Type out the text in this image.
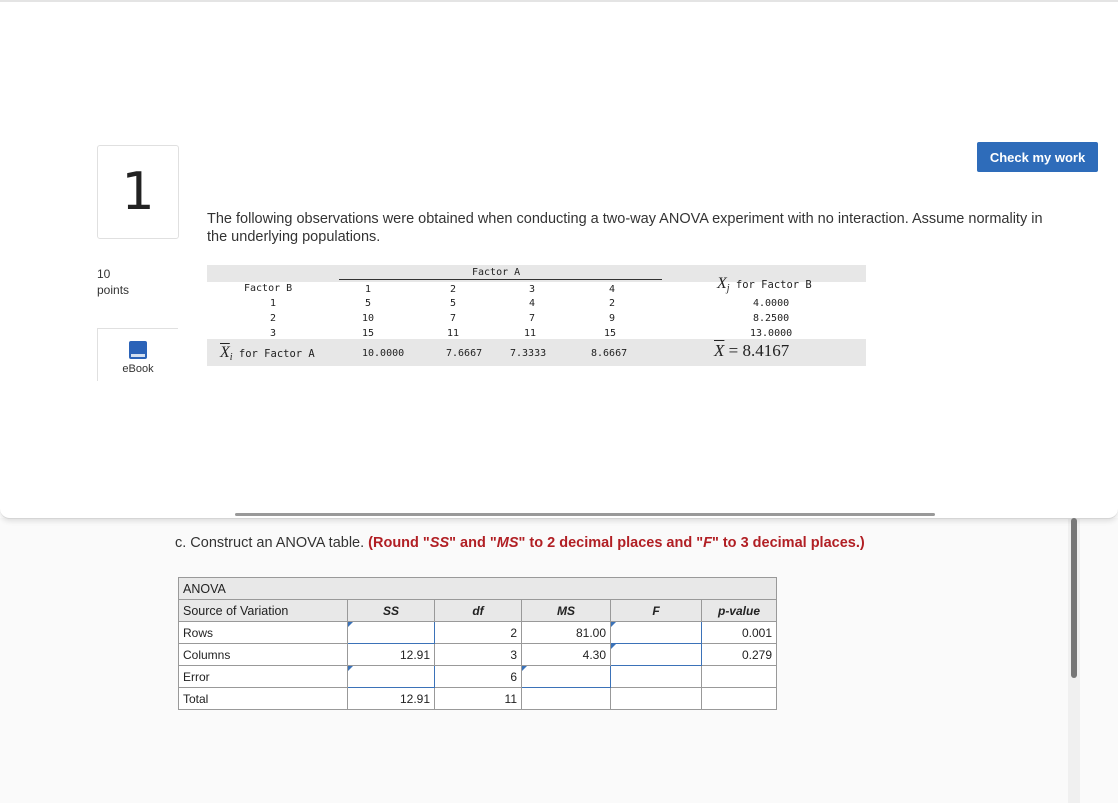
1
10
points
eBook
Check my work
The following observations were obtained when conducting a two-way ANOVA experiment with no interaction. Assume normality in the underlying populations.
Factor A
Factor B	1	2	3	4	$X_j$ for Factor B
1	5	5	4	2	4.0000
2	10	7	7	9	8.2500
3	15	11	11	15	13.0000
$\overline{X}_i$ for Factor A	10.0000	7.6667	7.3333	8.6667	$\overline{X} = 8.4167$
c. Construct an ANOVA table. (Round "SS" and "MS" to 2 decimal places and "F" to 3 decimal places.)
ANOVA					
Source of Variation	SS	df	MS	F	p-value
Rows		2	81.00		0.001
Columns	12.91	3	4.30		0.279
Error		6			
Total	12.91	11			
